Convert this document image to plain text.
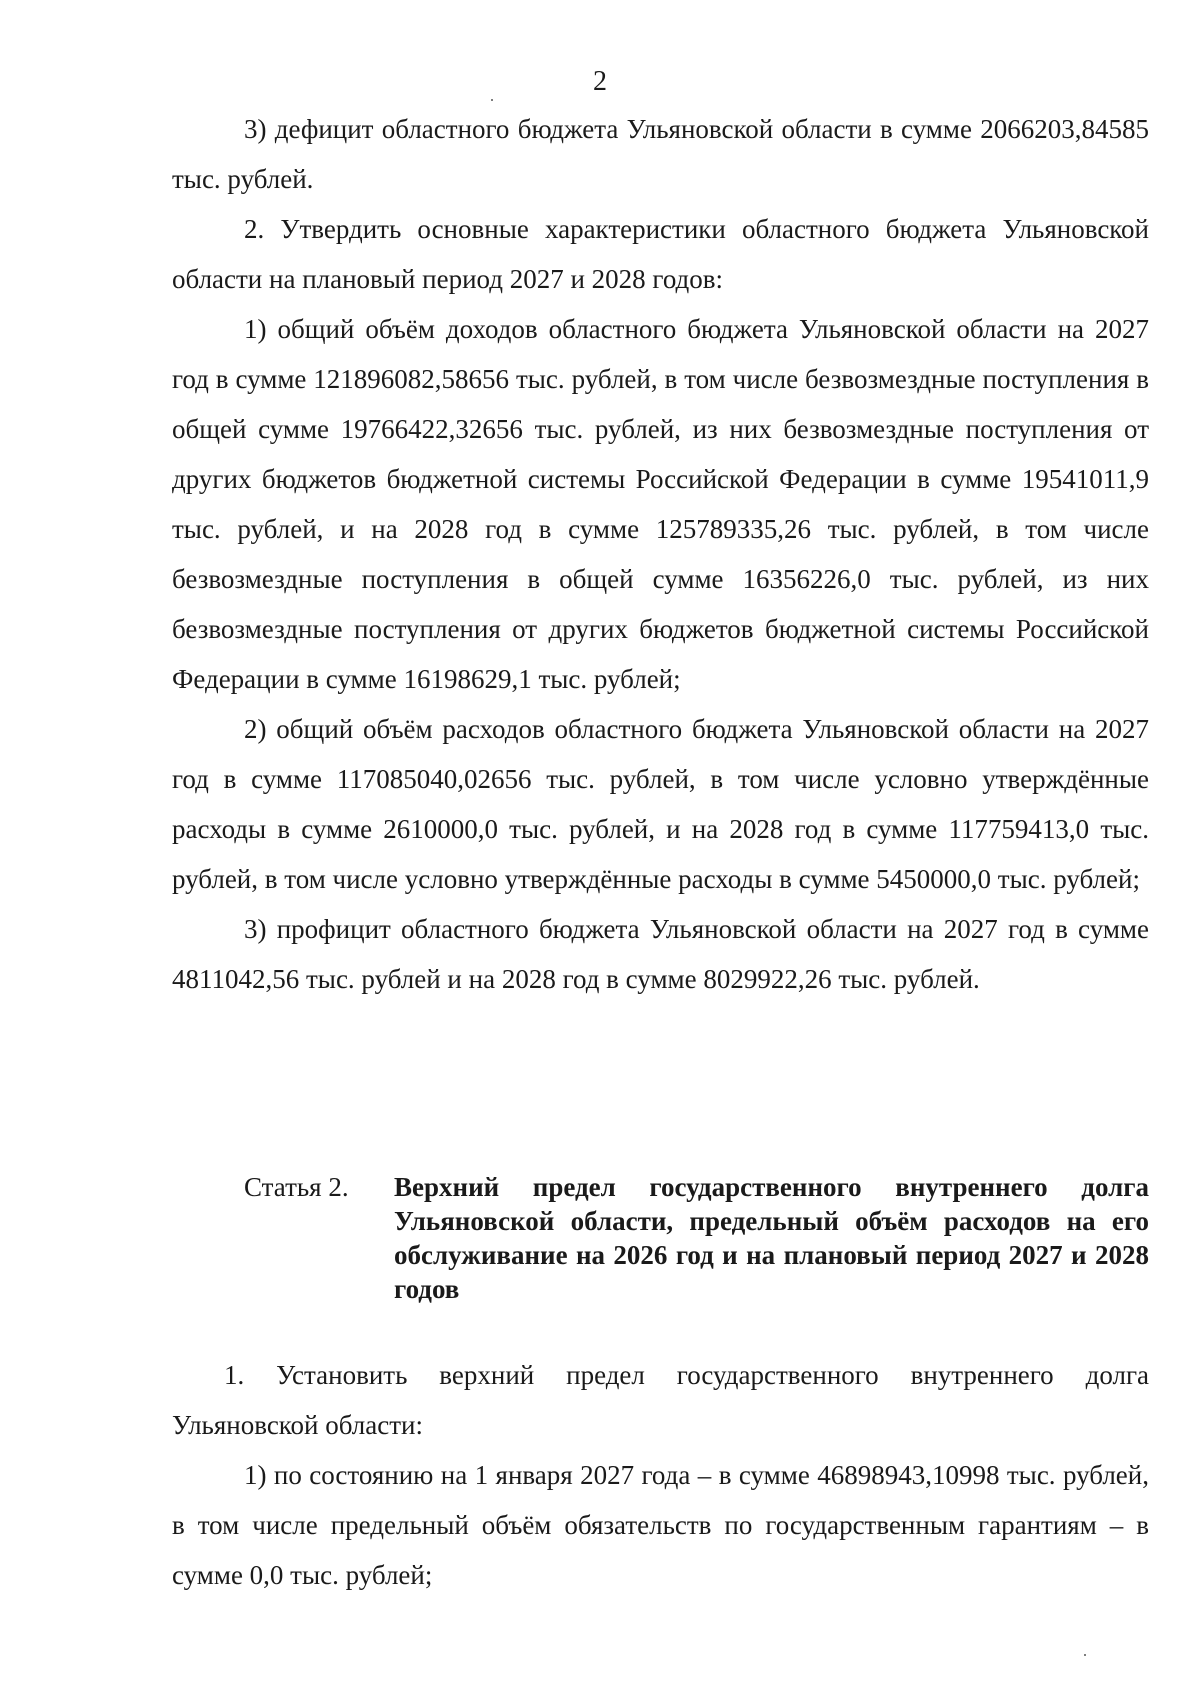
2

3) дефицит областного бюджета Ульяновской области в сумме 2066203,84585 тыс. рублей.

2. Утвердить основные характеристики областного бюджета Ульяновской области на плановый период 2027 и 2028 годов:

1) общий объём доходов областного бюджета Ульяновской области на 2027 год в сумме 121896082,58656 тыс. рублей, в том числе безвозмездные поступления в общей сумме 19766422,32656 тыс. рублей, из них безвозмездные поступления от других бюджетов бюджетной системы Российской Федерации в сумме 19541011,9 тыс. рублей, и на 2028 год в сумме 125789335,26 тыс. рублей, в том числе безвозмездные поступления в общей сумме 16356226,0 тыс. рублей, из них безвозмездные поступления от других бюджетов бюджетной системы Российской Федерации в сумме 16198629,1 тыс. рублей;

2) общий объём расходов областного бюджета Ульяновской области на 2027 год в сумме 117085040,02656 тыс. рублей, в том числе условно утверждённые расходы в сумме 2610000,0 тыс. рублей, и на 2028 год в сумме 117759413,0 тыс. рублей, в том числе условно утверждённые расходы в сумме 5450000,0 тыс. рублей;

3) профицит областного бюджета Ульяновской области на 2027 год в сумме 4811042,56 тыс. рублей и на 2028 год в сумме 8029922,26 тыс. рублей.

Статья 2.	Верхний предел государственного внутреннего долга Ульяновской области, предельный объём расходов на его обслуживание на 2026 год и на плановый период 2027 и 2028 годов

1. Установить верхний предел государственного внутреннего долга Ульяновской области:

1) по состоянию на 1 января 2027 года – в сумме 46898943,10998 тыс. рублей, в том числе предельный объём обязательств по государственным гарантиям – в сумме 0,0 тыс. рублей;
